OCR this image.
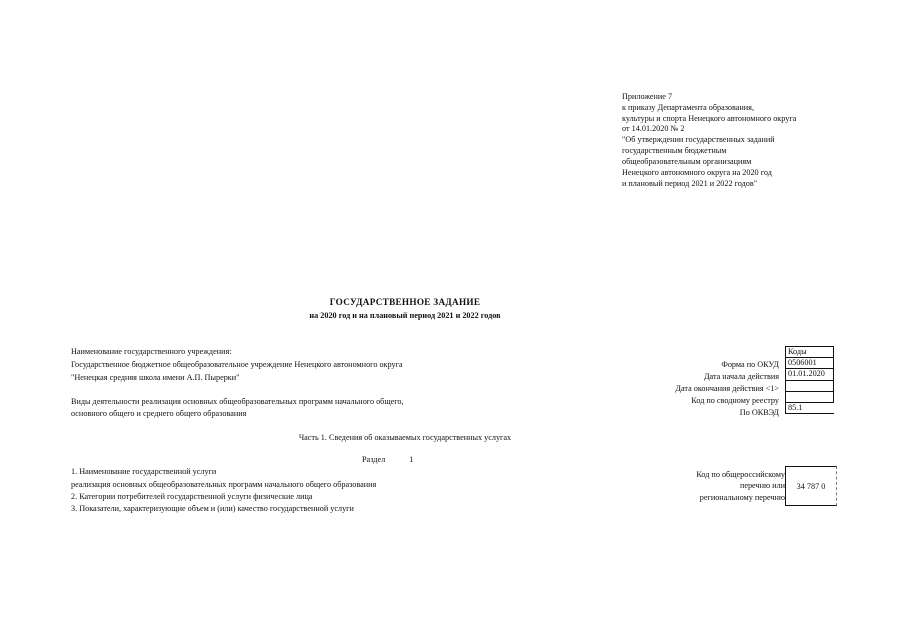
Приложение 7
к приказу Департамента образования,
культуры и спорта Ненецкого автономного округа
от 14.01.2020 № 2
"Об утверждении государственных заданий
государственным бюджетным
общеобразовательным организациям
Ненецкого автономного округа на 2020 год
и плановый период 2021 и 2022 годов"
ГОСУДАРСТВЕННОЕ ЗАДАНИЕ
на 2020 год и на плановый период 2021 и 2022 годов
Наименование государственного учреждения:
Государственное бюджетное общеобразовательное учреждение Ненецкого автономного округа
"Ненецкая средняя школа имени А.П. Пырерки"
Виды деятельности реализация основных общеобразовательных программ начального общего,
основного общего и среднего общего образования
Форма по ОКУД
Дата начала действия
Дата окончания действия <1>
Код по сводному реестру
По ОКВЭД
Коды
0506001
01.01.2020
85.1
Часть 1. Сведения об оказываемых государственных услугах
Раздел	1
1. Наименование государственной услуги
реализация основных общеобразовательных программ начального общего образования
2. Категории потребителей государственной услуги физические лица
3. Показатели, характеризующие объем и (или) качество государственной услуги
Код по общероссийскому
перечню или
региональному перечню
34 787 0
